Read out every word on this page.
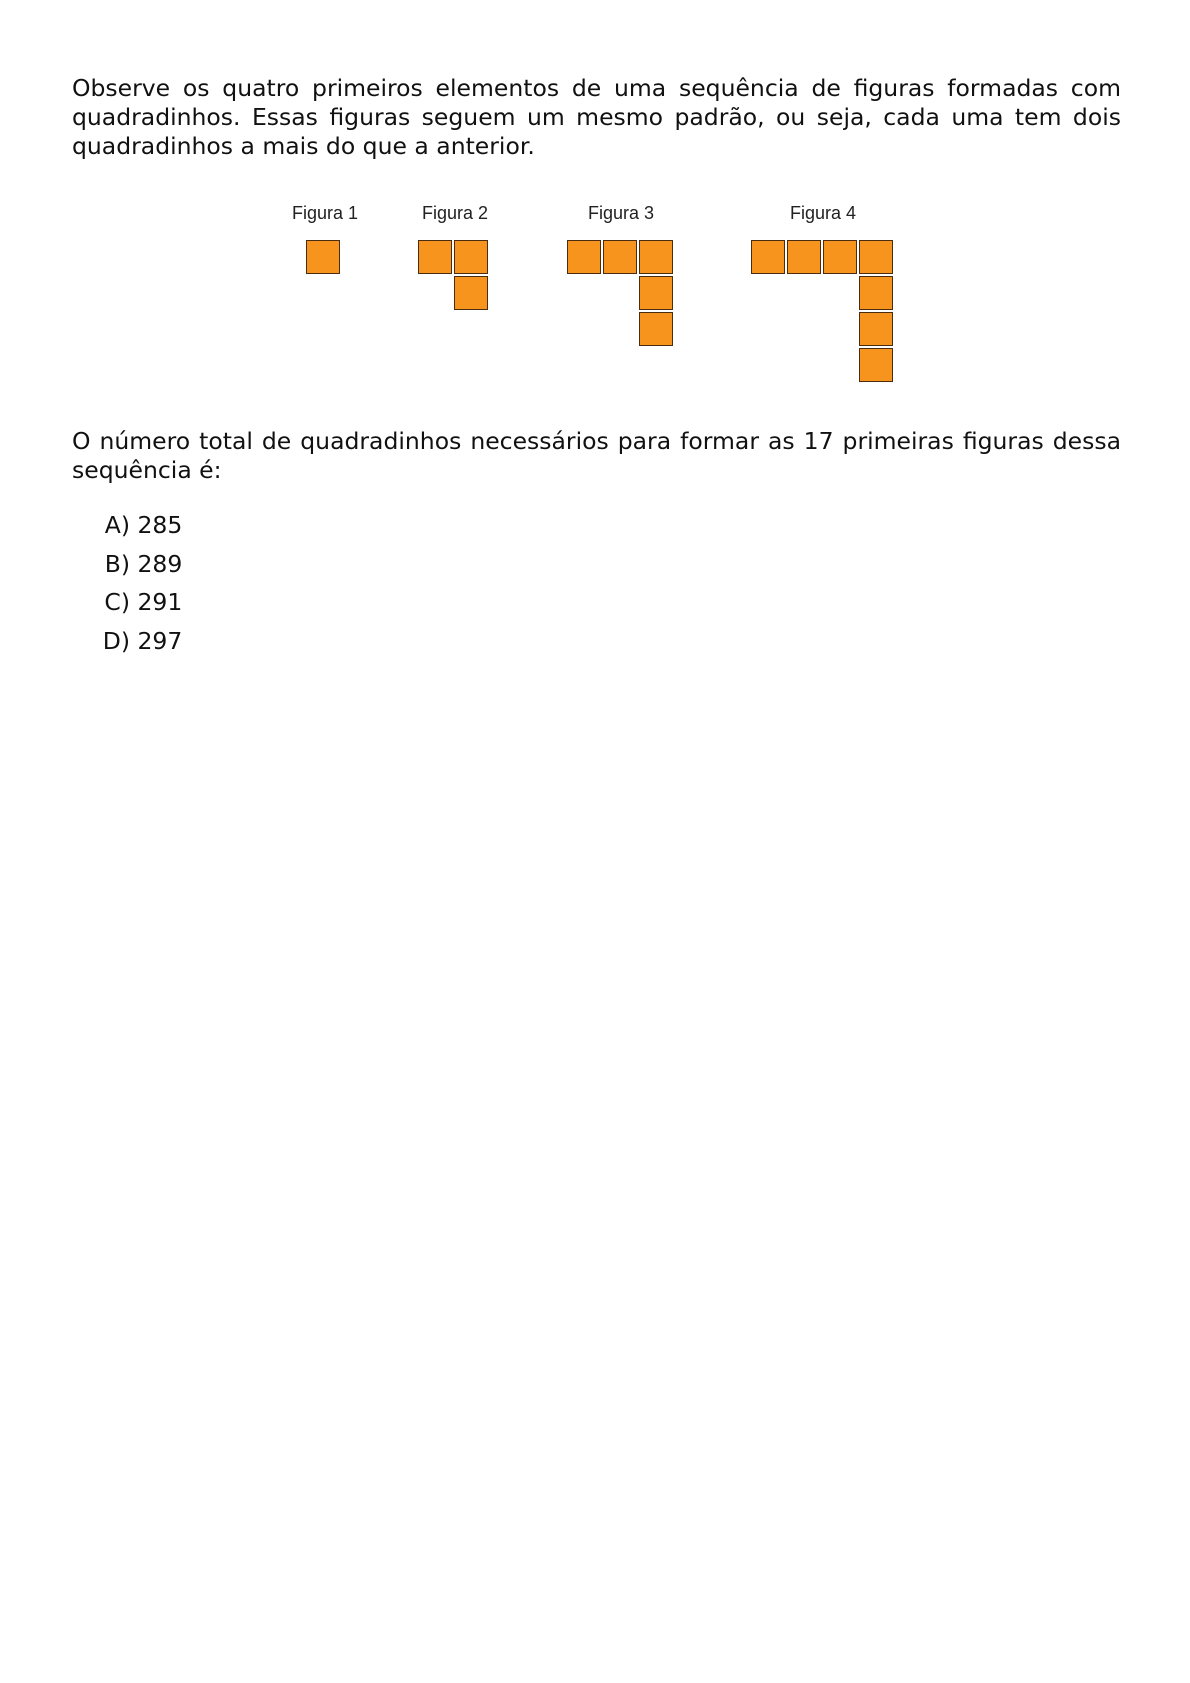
Observe os quatro primeiros elementos de uma sequência de figuras formadas com quadradinhos. Essas figuras seguem um mesmo padrão, ou seja, cada uma tem dois quadradinhos a mais do que a anterior.

Figura 1	Figura 2	Figura 3	Figura 4

O número total de quadradinhos necessários para formar as 17 primeiras figuras dessa sequência é:

A) 285
B) 289
C) 291
D) 297
